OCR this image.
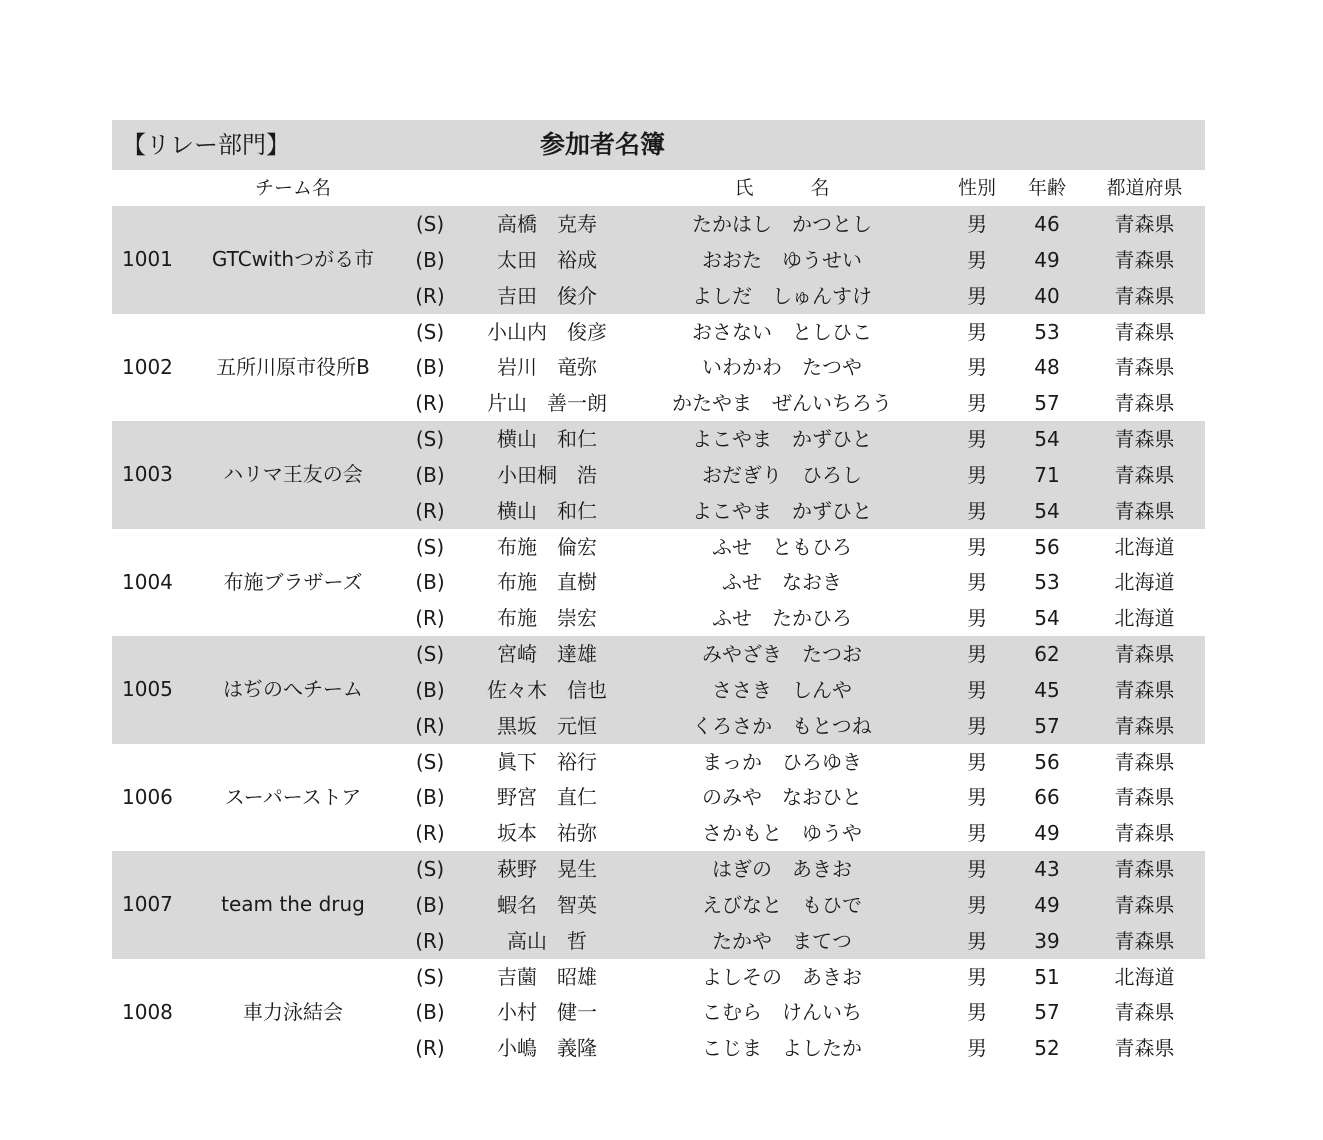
【リレー部門】	参加者名簿
チーム名	氏　　　名	性別	年齢	都道府県
1001	GTCwithつがる市
(S)	高橋　克寿	たかはし　かつとし	男	46	青森県
(B)	太田　裕成	おおた　ゆうせい	男	49	青森県
(R)	吉田　俊介	よしだ　しゅんすけ	男	40	青森県
1002	五所川原市役所B
(S)	小山内　俊彦	おさない　としひこ	男	53	青森県
(B)	岩川　竜弥	いわかわ　たつや	男	48	青森県
(R)	片山　善一朗	かたやま　ぜんいちろう	男	57	青森県
1003	ハリマ王友の会
(S)	横山　和仁	よこやま　かずひと	男	54	青森県
(B)	小田桐　浩	おだぎり　ひろし	男	71	青森県
(R)	横山　和仁	よこやま　かずひと	男	54	青森県
1004	布施ブラザーズ
(S)	布施　倫宏	ふせ　ともひろ	男	56	北海道
(B)	布施　直樹	ふせ　なおき	男	53	北海道
(R)	布施　崇宏	ふせ　たかひろ	男	54	北海道
1005	はぢのへチーム
(S)	宮崎　達雄	みやざき　たつお	男	62	青森県
(B)	佐々木　信也	ささき　しんや	男	45	青森県
(R)	黒坂　元恒	くろさか　もとつね	男	57	青森県
1006	スーパーストア
(S)	眞下　裕行	まっか　ひろゆき	男	56	青森県
(B)	野宮　直仁	のみや　なおひと	男	66	青森県
(R)	坂本　祐弥	さかもと　ゆうや	男	49	青森県
1007	team the drug
(S)	萩野　晃生	はぎの　あきお	男	43	青森県
(B)	蝦名　智英	えびなと　もひで	男	49	青森県
(R)	高山　哲	たかや　まてつ	男	39	青森県
1008	車力泳結会
(S)	吉薗　昭雄	よしその　あきお	男	51	北海道
(B)	小村　健一	こむら　けんいち	男	57	青森県
(R)	小嶋　義隆	こじま　よしたか	男	52	青森県
